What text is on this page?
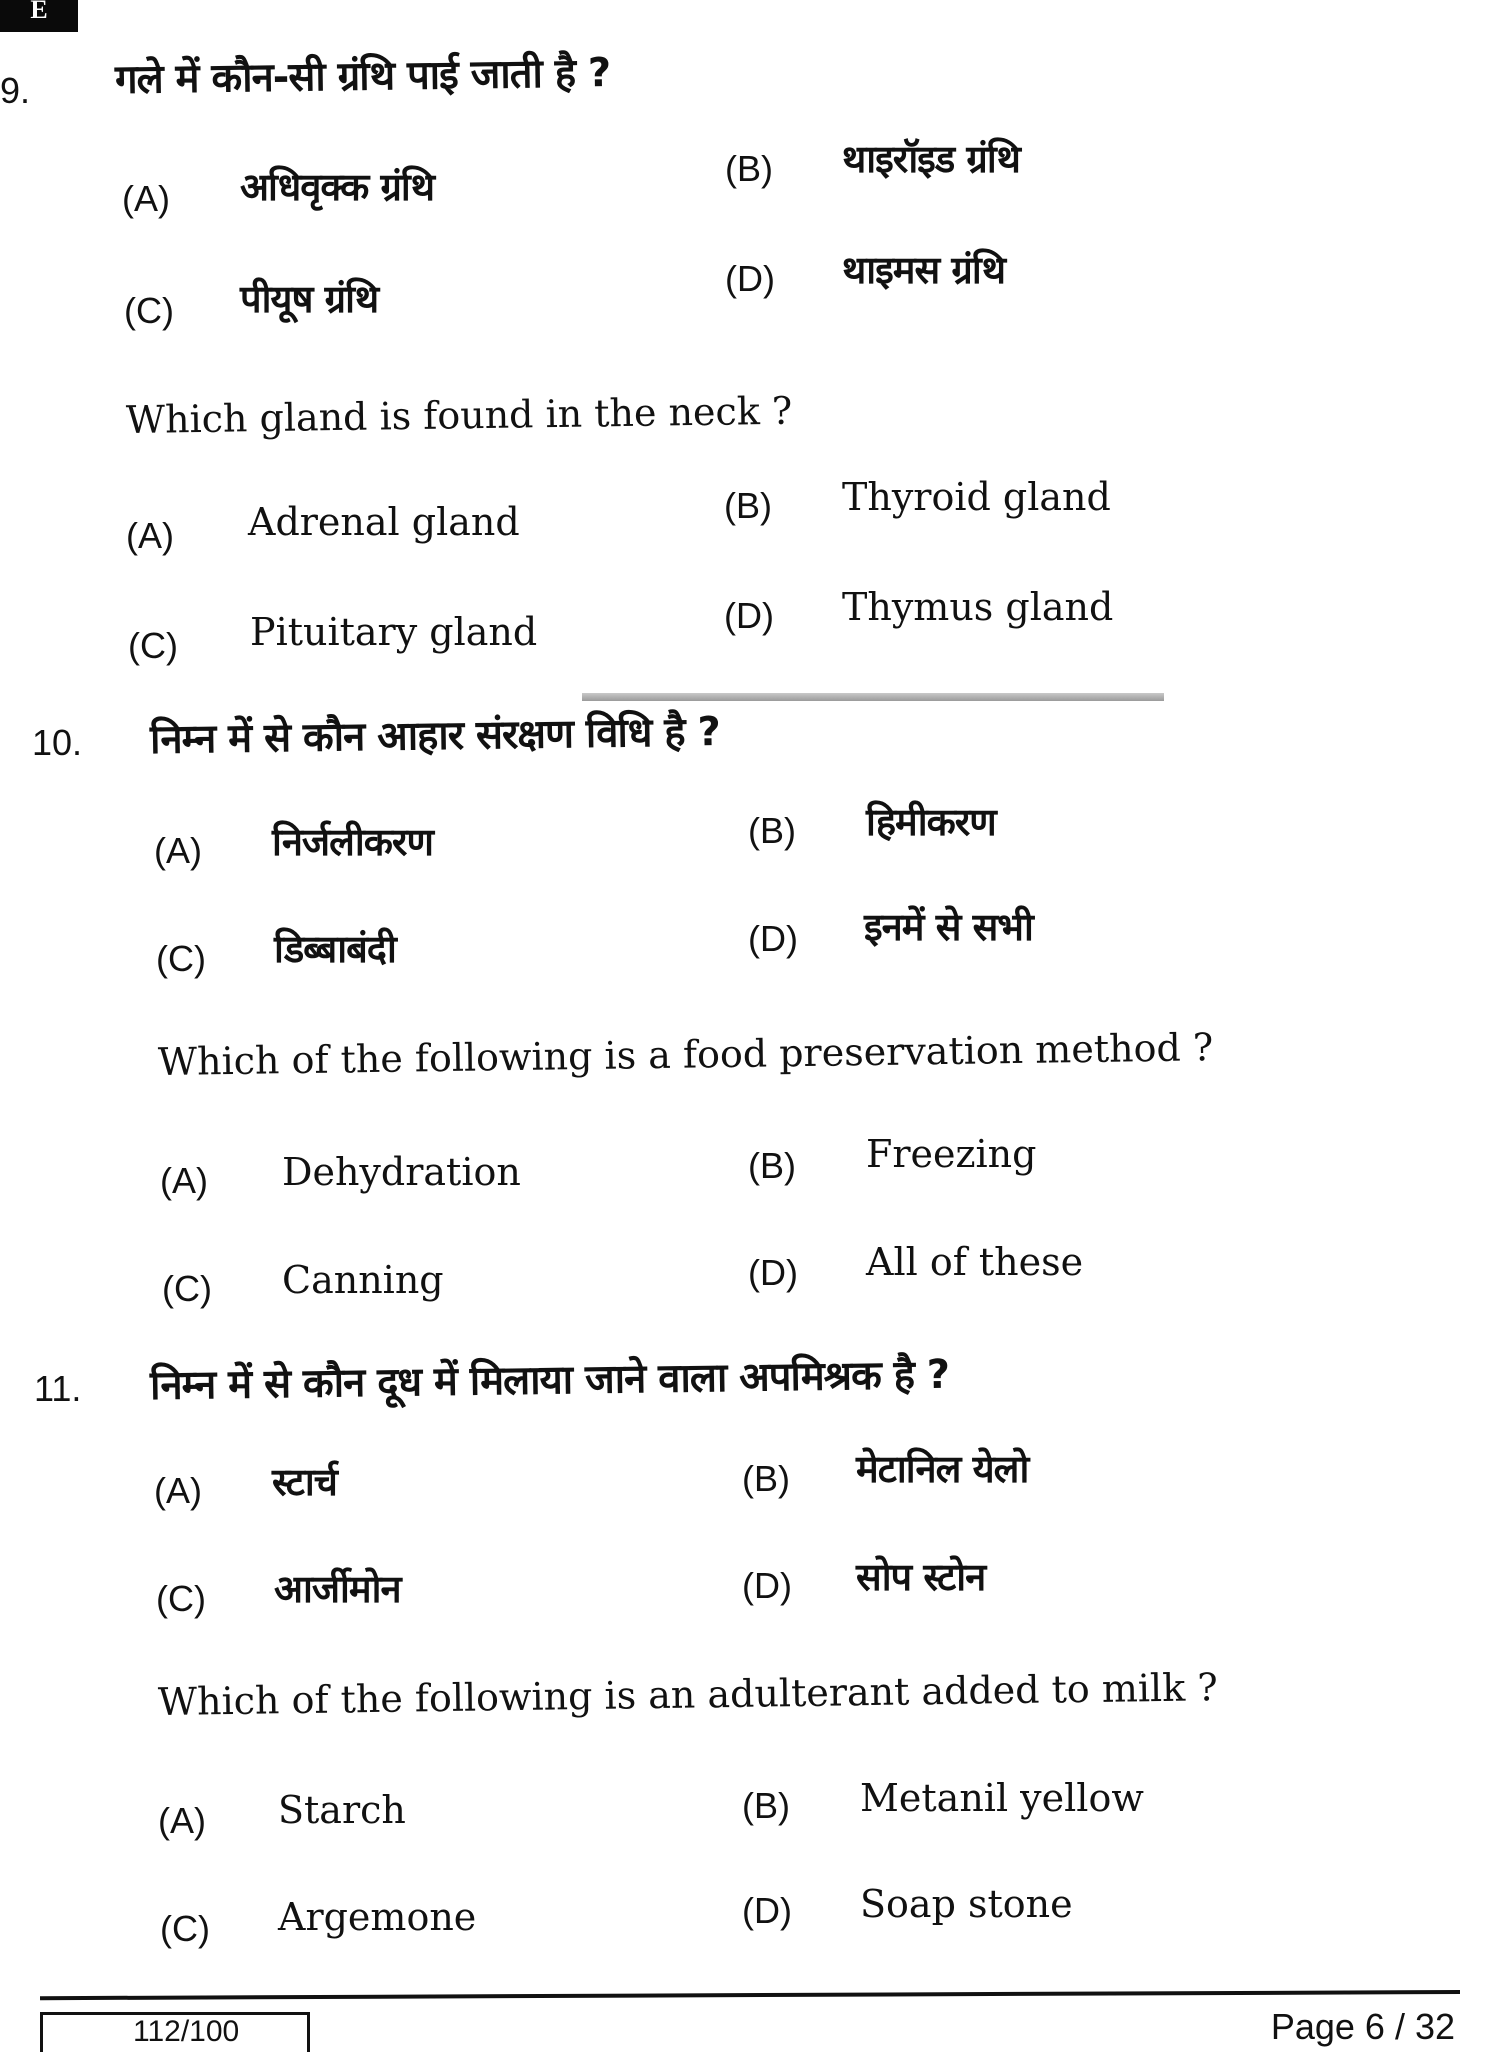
E
9. गले में कौन-सी ग्रंथि पाई जाती है ?
(A) अधिवृक्क ग्रंथि	(B) थाइरॉइड ग्रंथि
(C) पीयूष ग्रंथि	(D) थाइमस ग्रंथि
Which gland is found in the neck ?
(A) Adrenal gland	(B) Thyroid gland
(C) Pituitary gland	(D) Thymus gland
10. निम्न में से कौन आहार संरक्षण विधि है ?
(A) निर्जलीकरण	(B) हिमीकरण
(C) डिब्बाबंदी	(D) इनमें से सभी
Which of the following is a food preservation method ?
(A) Dehydration	(B) Freezing
(C) Canning	(D) All of these
11. निम्न में से कौन दूध में मिलाया जाने वाला अपमिश्रक है ?
(A) स्टार्च	(B) मेटानिल येलो
(C) आर्जीमोन	(D) सोप स्टोन
Which of the following is an adulterant added to milk ?
(A) Starch	(B) Metanil yellow
(C) Argemone	(D) Soap stone
112/100	Page 6 / 32
